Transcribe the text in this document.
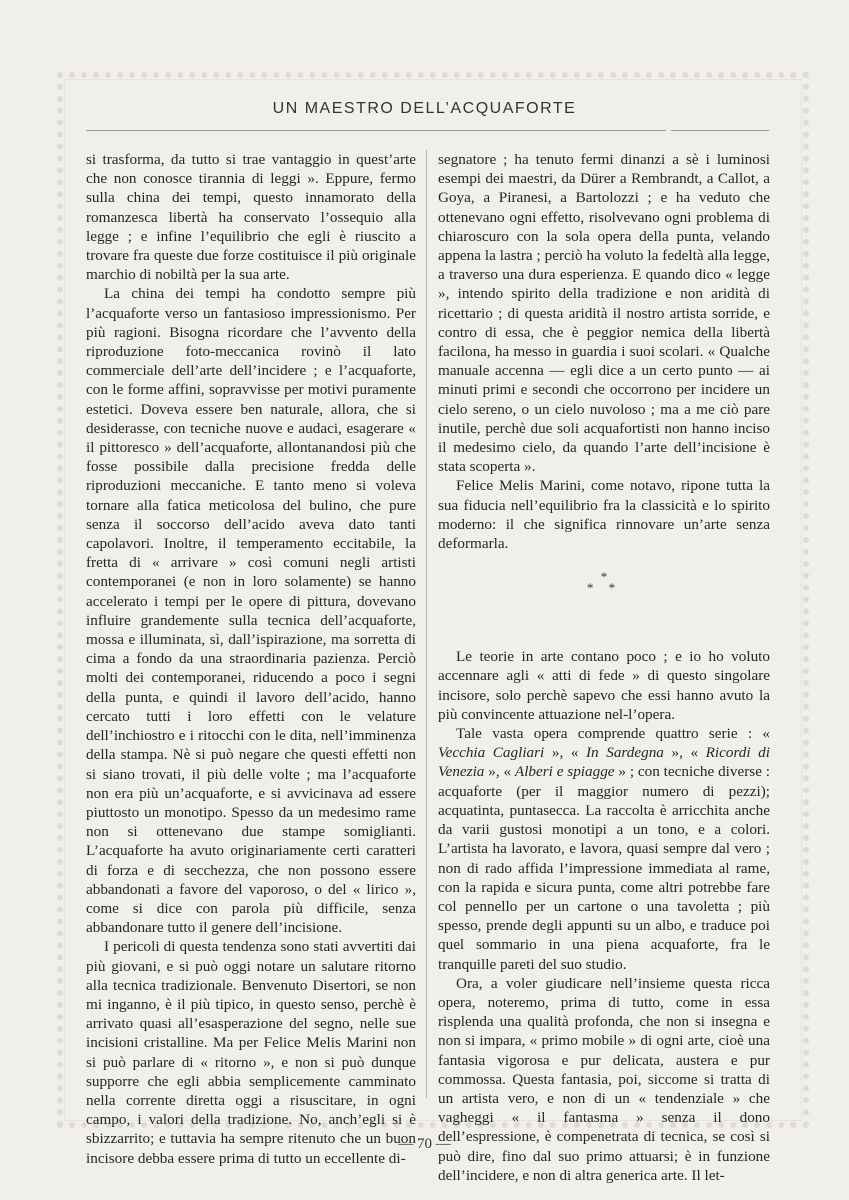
UN MAESTRO DELL’ACQUAFORTE

si trasforma, da tutto si trae vantaggio in quest’arte che non conosce tirannia di leggi ». Eppure, fermo sulla china dei tempi, questo innamorato della romanzesca libertà ha conservato l’ossequio alla legge ; e infine l’equilibrio che egli è riuscito a trovare fra queste due forze costituisce il più originale marchio di nobiltà per la sua arte.

La china dei tempi ha condotto sempre più l’acquaforte verso un fantasioso impressionismo. Per più ragioni. Bisogna ricordare che l’avvento della riproduzione foto-meccanica rovinò il lato commerciale dell’arte dell’incidere ; e l’acquaforte, con le forme affini, sopravvisse per motivi puramente estetici. Doveva essere ben naturale, allora, che si desiderasse, con tecniche nuove e audaci, esagerare « il pittoresco » dell’acquaforte, allontanandosi più che fosse possibile dalla precisione fredda delle riproduzioni meccaniche. E tanto meno si voleva tornare alla fatica meticolosa del bulino, che pure senza il soccorso dell’acido aveva dato tanti capolavori. Inoltre, il temperamento eccitabile, la fretta di « arrivare » così comuni negli artisti contemporanei (e non in loro solamente) se hanno accelerato i tempi per le opere di pittura, dovevano influire grandemente sulla tecnica dell’acquaforte, mossa e illuminata, sì, dall’ispirazione, ma sorretta di cima a fondo da una straordinaria pazienza. Perciò molti dei contemporanei, riducendo a poco i segni della punta, e quindi il lavoro dell’acido, hanno cercato tutti i loro effetti con le velature dell’inchiostro e i ritocchi con le dita, nell’imminenza della stampa. Nè si può negare che questi effetti non si siano trovati, il più delle volte ; ma l’acquaforte non era più un’acquaforte, e si avvicinava ad essere piuttosto un monotipo. Spesso da un medesimo rame non si ottenevano due stampe somiglianti. L’acquaforte ha avuto originariamente certi caratteri di forza e di secchezza, che non possono essere abbandonati a favore del vaporoso, o del « lirico », come si dice con parola più difficile, senza abbandonare tutto il genere dell’incisione.

I pericoli di questa tendenza sono stati avvertiti dai più giovani, e si può oggi notare un salutare ritorno alla tecnica tradizionale. Benvenuto Disertori, se non mi inganno, è il più tipico, in questo senso, perchè è arrivato quasi all’esasperazione del segno, nelle sue incisioni cristalline. Ma per Felice Melis Marini non si può parlare di « ritorno », e non si può dunque supporre che egli abbia semplicemente camminato nella corrente diretta oggi a risuscitare, in ogni campo, i valori della tradizione. No, anch’egli si è sbizzarrito; e tuttavia ha sempre ritenuto che un buon incisore debba essere prima di tutto un eccellente di-

segnatore ; ha tenuto fermi dinanzi a sè i luminosi esempi dei maestri, da Dürer a Rembrandt, a Callot, a Goya, a Piranesi, a Bartolozzi ; e ha veduto che ottenevano ogni effetto, risolvevano ogni problema di chiaroscuro con la sola opera della punta, velando appena la lastra ; perciò ha voluto la fedeltà alla legge, a traverso una dura esperienza. E quando dico « legge », intendo spirito della tradizione e non aridità di ricettario ; di questa aridità il nostro artista sorride, e contro di essa, che è peggior nemica della libertà facilona, ha messo in guardia i suoi scolari. « Qualche manuale accenna — egli dice a un certo punto — ai minuti primi e secondi che occorrono per incidere un cielo sereno, o un cielo nuvoloso ; ma a me ciò pare inutile, perchè due soli acquafortisti non hanno inciso il medesimo cielo, da quando l’arte dell’incisione è stata scoperta ».

Felice Melis Marini, come notavo, ripone tutta la sua fiducia nell’equilibrio fra la classicità e lo spirito moderno: il che significa rinnovare un’arte senza deformarla.

*
* *

Le teorie in arte contano poco ; e io ho voluto accennare agli « atti di fede » di questo singolare incisore, solo perchè sapevo che essi hanno avuto la più convincente attuazione nel-l’opera.

Tale vasta opera comprende quattro serie : « Vecchia Cagliari », « In Sardegna », « Ricordi di Venezia », « Alberi e spiagge » ; con tecniche diverse : acquaforte (per il maggior numero di pezzi); acquatinta, puntasecca. La raccolta è arricchita anche da varii gustosi monotipi a un tono, e a colori. L’artista ha lavorato, e lavora, quasi sempre dal vero ; non di rado affida l’impressione immediata al rame, con la rapida e sicura punta, come altri potrebbe fare col pennello per un cartone o una tavoletta ; più spesso, prende degli appunti su un albo, e traduce poi quel sommario in una piena acquaforte, fra le tranquille pareti del suo studio.

Ora, a voler giudicare nell’insieme questa ricca opera, noteremo, prima di tutto, come in essa risplenda una qualità profonda, che non si insegna e non si impara, « primo mobile » di ogni arte, cioè una fantasia vigorosa e pur delicata, austera e pur commossa. Questa fantasia, poi, siccome si tratta di un artista vero, e non di un « tendenziale » che vagheggi « il fantasma » senza il dono dell’espressione, è compenetrata di tecnica, se così si può dire, fino dal suo primo attuarsi; è in funzione dell’incidere, e non di altra generica arte. Il let-

— 70 —
